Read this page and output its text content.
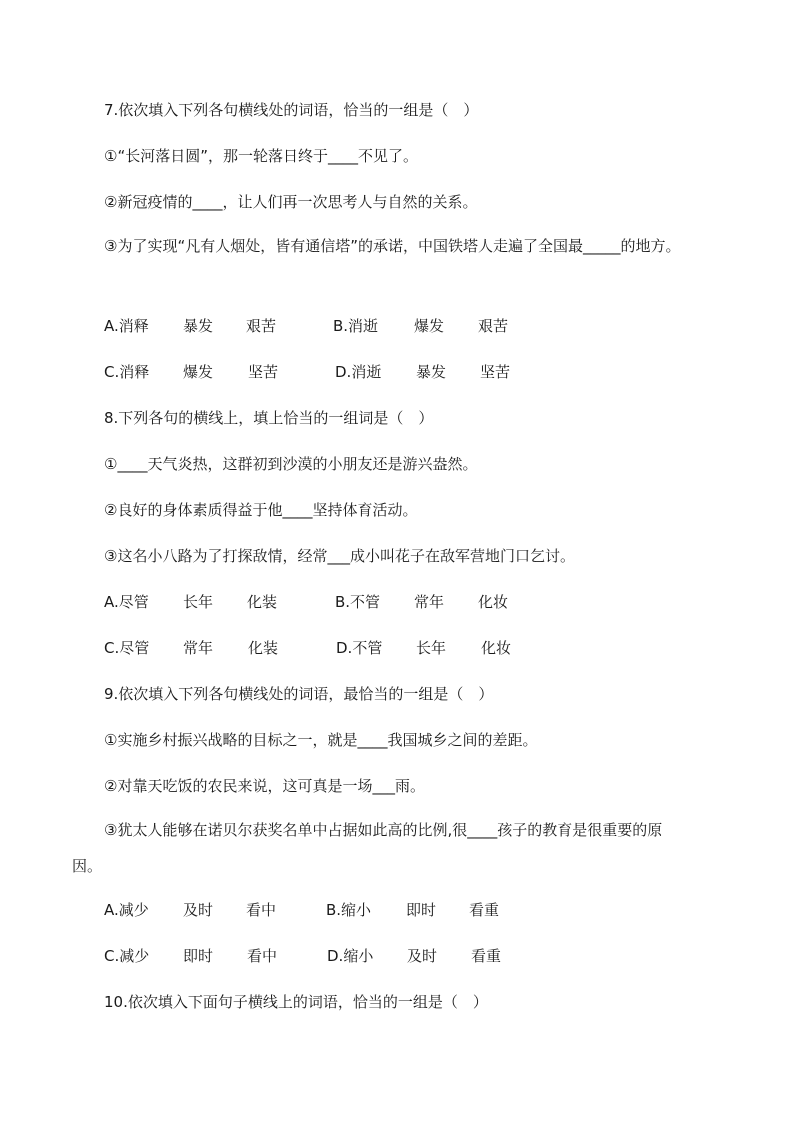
7.依次填入下列各句横线处的词语，恰当的一组是（　）
①“长河落日圆”，那一轮落日终于____不见了。
②新冠疫情的____，让人们再一次思考人与自然的关系。
③为了实现“凡有人烟处，皆有通信塔”的承诺，中国铁塔人走遍了全国最_____的地方。
A.消释 暴发 艰苦	B.消逝 爆发 艰苦
C.消释 爆发 坚苦	D.消逝 暴发 坚苦
8.下列各句的横线上，填上恰当的一组词是（　）
①____天气炎热，这群初到沙漠的小朋友还是游兴盎然。
②良好的身体素质得益于他____坚持体育活动。
③这名小八路为了打探敌情，经常___成小叫花子在敌军营地门口乞讨。
A.尽管 长年 化装	B.不管 常年 化妆
C.尽管 常年 化装	D.不管 长年 化妆
9.依次填入下列各句横线处的词语，最恰当的一组是（　）
①实施乡村振兴战略的目标之一，就是____我国城乡之间的差距。
②对靠天吃饭的农民来说，这可真是一场___雨。
③犹太人能够在诺贝尔获奖名单中占据如此高的比例,很____孩子的教育是很重要的原因。
A.减少 及时 看中	B.缩小 即时 看重
C.减少 即时 看中	D.缩小 及时 看重
10.依次填入下面句子横线上的词语，恰当的一组是（　）
